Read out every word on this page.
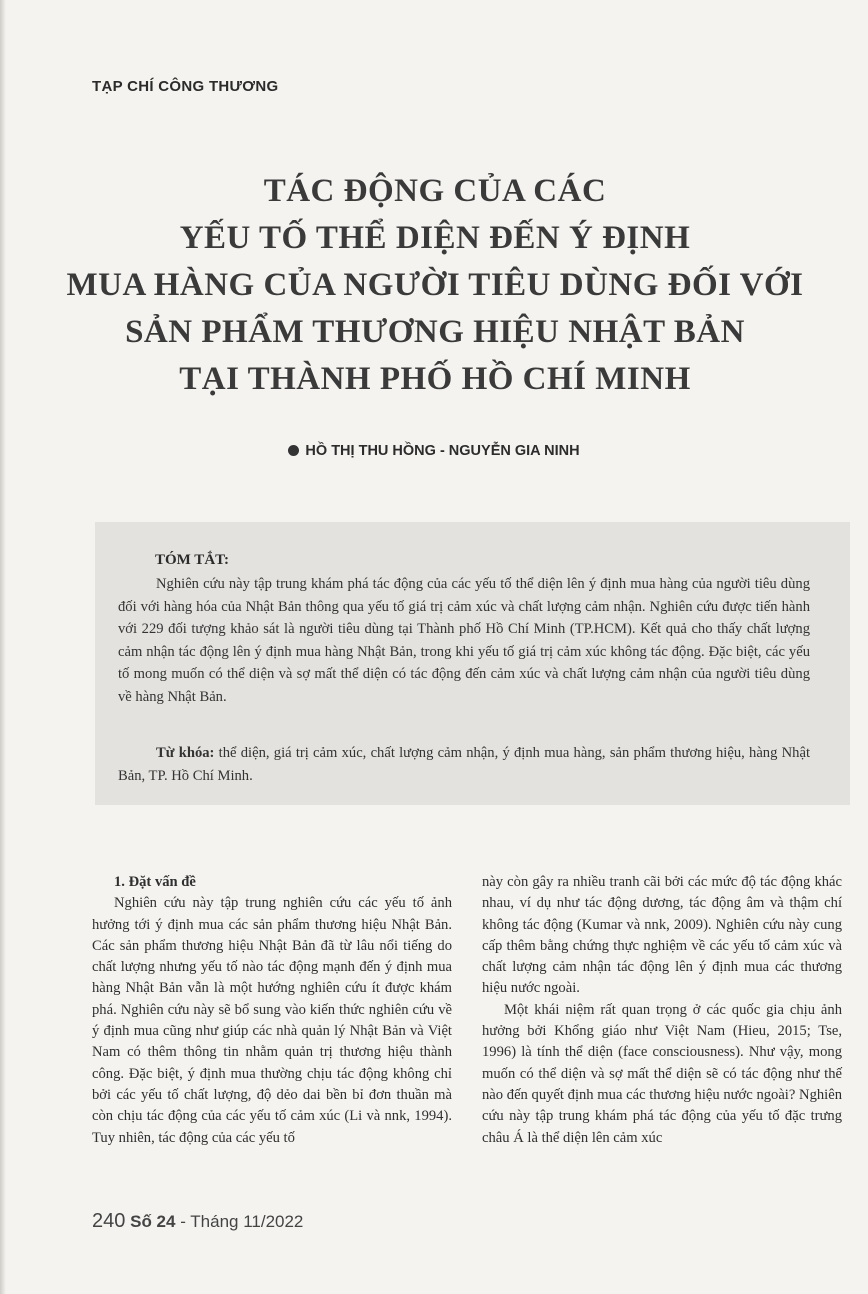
TẠP CHÍ CÔNG THƯƠNG
TÁC ĐỘNG CỦA CÁC
YẾU TỐ THỂ DIỆN ĐẾN Ý ĐỊNH
MUA HÀNG CỦA NGƯỜI TIÊU DÙNG ĐỐI VỚI
SẢN PHẨM THƯƠNG HIỆU NHẬT BẢN
TẠI THÀNH PHỐ HỒ CHÍ MINH
HỒ THỊ THU HỒNG - NGUYỄN GIA NINH
TÓM TẮT:

Nghiên cứu này tập trung khám phá tác động của các yếu tố thể diện lên ý định mua hàng của người tiêu dùng đối với hàng hóa của Nhật Bản thông qua yếu tố giá trị cảm xúc và chất lượng cảm nhận. Nghiên cứu được tiến hành với 229 đối tượng khảo sát là người tiêu dùng tại Thành phố Hồ Chí Minh (TP.HCM). Kết quả cho thấy chất lượng cảm nhận tác động lên ý định mua hàng Nhật Bản, trong khi yếu tố giá trị cảm xúc không tác động. Đặc biệt, các yếu tố mong muốn có thể diện và sợ mất thể diện có tác động đến cảm xúc và chất lượng cảm nhận của người tiêu dùng về hàng Nhật Bản.

Từ khóa: thể diện, giá trị cảm xúc, chất lượng cảm nhận, ý định mua hàng, sản phẩm thương hiệu, hàng Nhật Bản, TP. Hồ Chí Minh.
1. Đặt vấn đề

Nghiên cứu này tập trung nghiên cứu các yếu tố ảnh hưởng tới ý định mua các sản phẩm thương hiệu Nhật Bản. Các sản phẩm thương hiệu Nhật Bản đã từ lâu nổi tiếng do chất lượng nhưng yếu tố nào tác động mạnh đến ý định mua hàng Nhật Bản vẫn là một hướng nghiên cứu ít được khám phá. Nghiên cứu này sẽ bổ sung vào kiến thức nghiên cứu về ý định mua cũng như giúp các nhà quản lý Nhật Bản và Việt Nam có thêm thông tin nhằm quản trị thương hiệu thành công. Đặc biệt, ý định mua thường chịu tác động không chỉ bởi các yếu tố chất lượng, độ dẻo dai bền bỉ đơn thuần mà còn chịu tác động của các yếu tố cảm xúc (Li và nnk, 1994). Tuy nhiên, tác động của các yếu tố

này còn gây ra nhiều tranh cãi bởi các mức độ tác động khác nhau, ví dụ như tác động dương, tác động âm và thậm chí không tác động (Kumar và nnk, 2009). Nghiên cứu này cung cấp thêm bằng chứng thực nghiệm về các yếu tố cảm xúc và chất lượng cảm nhận tác động lên ý định mua các thương hiệu nước ngoài.

Một khái niệm rất quan trọng ở các quốc gia chịu ảnh hưởng bởi Khổng giáo như Việt Nam (Hieu, 2015; Tse, 1996) là tính thể diện (face consciousness). Như vậy, mong muốn có thể diện và sợ mất thể diện sẽ có tác động như thế nào đến quyết định mua các thương hiệu nước ngoài? Nghiên cứu này tập trung khám phá tác động của yếu tố đặc trưng châu Á là thể diện lên cảm xúc

240 Số 24 - Tháng 11/2022
